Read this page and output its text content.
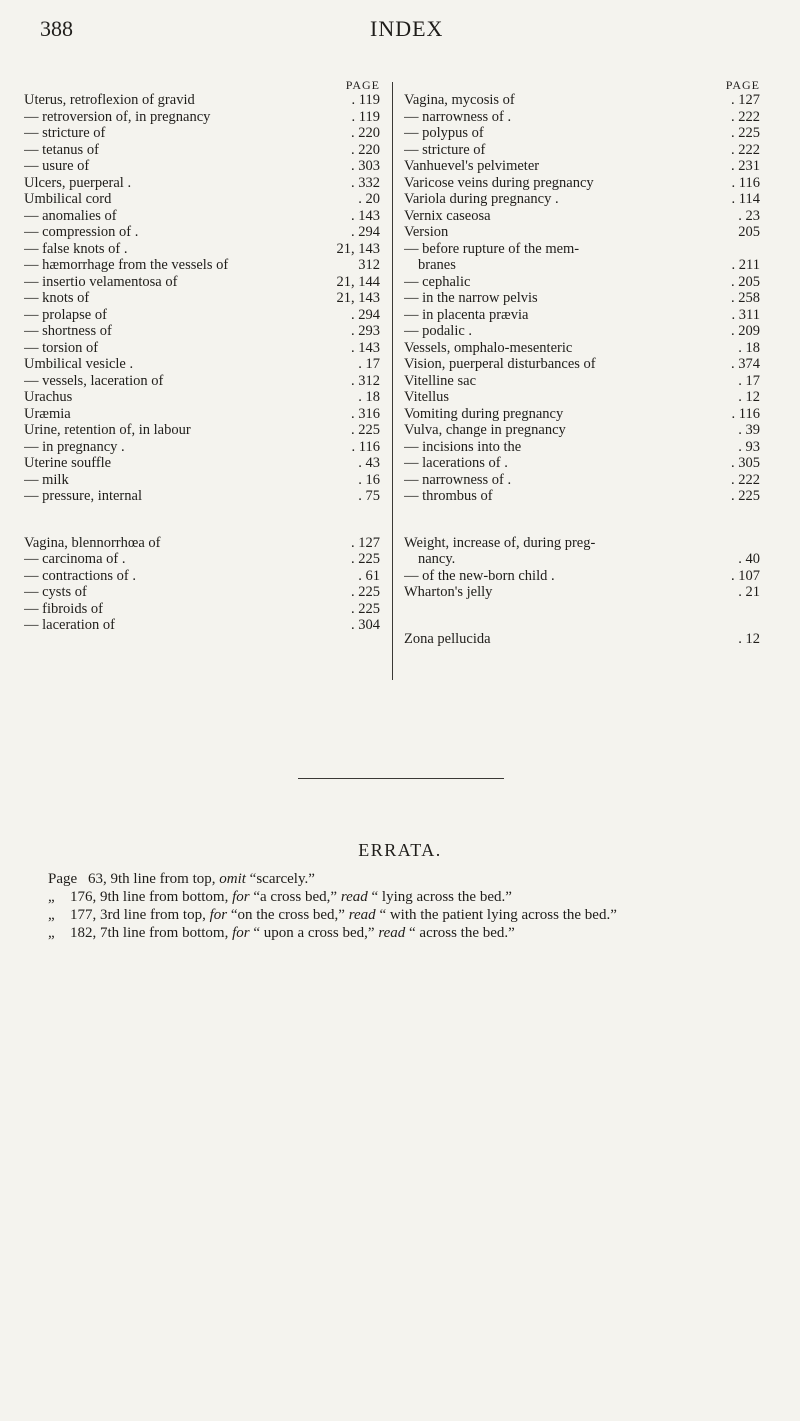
388	INDEX
PAGE
Uterus, retroflexion of gravid	. 119
— retroversion of, in pregnancy	. 119
— stricture of	. 220
— tetanus of	. 220
— usure of	. 303
Ulcers, puerperal .	. 332
Umbilical cord	. 20
— anomalies of	. 143
— compression of .	. 294
— false knots of .	21, 143
— hæmorrhage from the vessels of	312
— insertio velamentosa of	21, 144
— knots of	21, 143
— prolapse of	. 294
— shortness of	. 293
— torsion of	. 143
Umbilical vesicle .	. 17
— vessels, laceration of	. 312
Urachus	. 18
Uræmia	. 316
Urine, retention of, in labour	. 225
— in pregnancy .	. 116
Uterine souffle	. 43
— milk	. 16
— pressure, internal	. 75
Vagina, blennorrhœa of	. 127
— carcinoma of .	. 225
— contractions of .	. 61
— cysts of	. 225
— fibroids of	. 225
— laceration of	. 304
PAGE
Vagina, mycosis of	. 127
— narrowness of .	. 222
— polypus of	. 225
— stricture of	. 222
Vanhuevel's pelvimeter	. 231
Varicose veins during pregnancy	. 116
Variola during pregnancy .	. 114
Vernix caseosa	. 23
Version	205
— before rupture of the mem-
branes	. 211
— cephalic	. 205
— in the narrow pelvis	. 258
— in placenta prævia	. 311
— podalic .	. 209
Vessels, omphalo-mesenteric	. 18
Vision, puerperal disturbances of	. 374
Vitelline sac	. 17
Vitellus	. 12
Vomiting during pregnancy	. 116
Vulva, change in pregnancy	. 39
— incisions into the	. 93
— lacerations of .	. 305
— narrowness of .	. 222
— thrombus of	. 225
Weight, increase of, during preg-
nancy.	. 40
— of the new-born child .	. 107
Wharton's jelly	. 21
Zona pellucida	. 12
ERRATA.
Page 63, 9th line from top, omit “scarcely.”
„	176, 9th line from bottom, for “a cross bed,” read “ lying across the bed.”
„	177, 3rd line from top, for “on the cross bed,” read “ with the patient lying across the bed.”
„	182, 7th line from bottom, for “ upon a cross bed,” read “ across the bed.”
